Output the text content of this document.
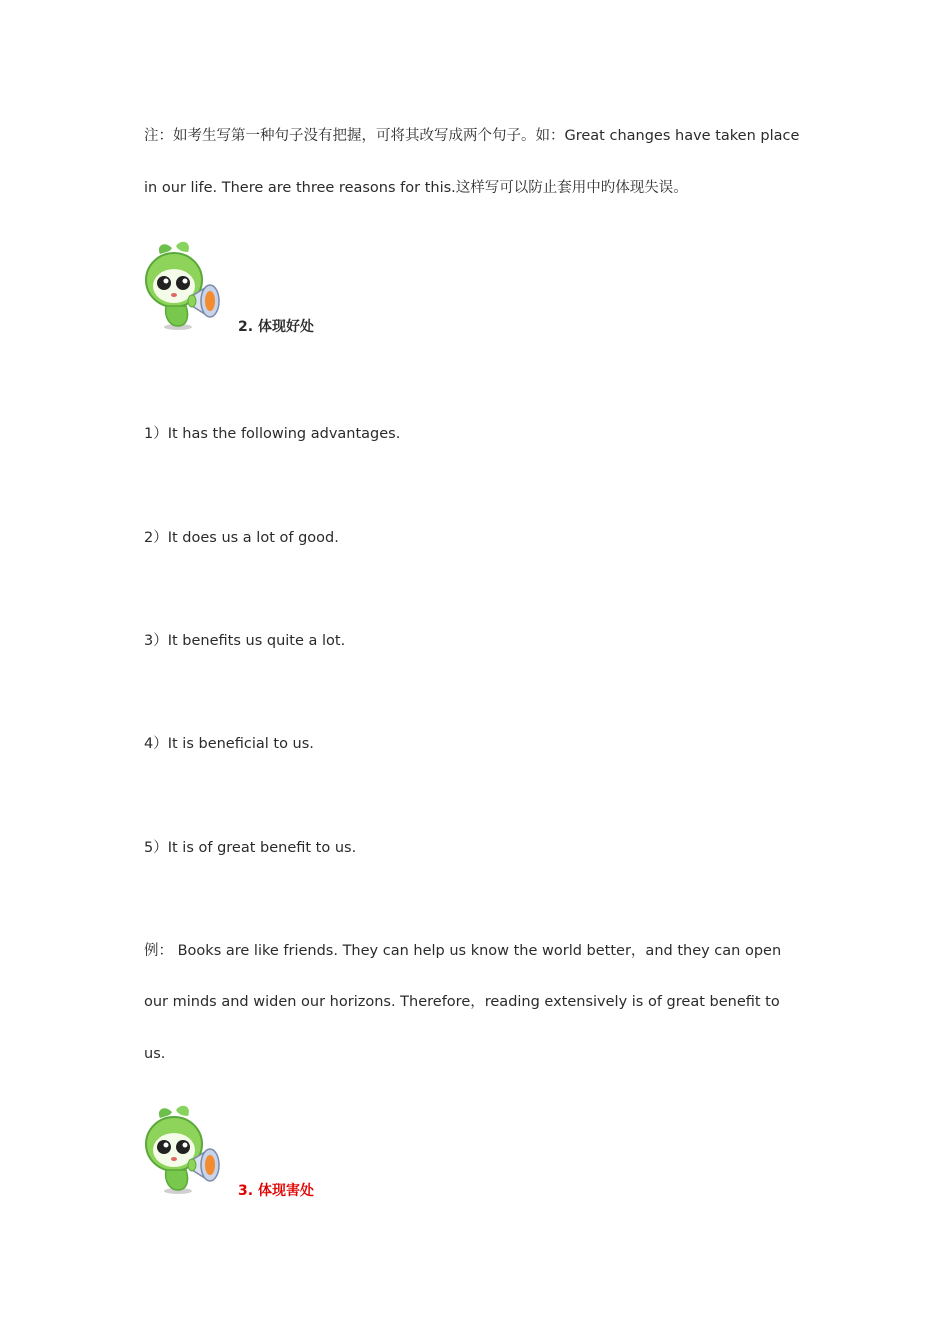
注：如考生写第一种句子没有把握，可将其改写成两个句子。如：Great changes have taken place
in our life. There are three reasons for this.这样写可以防止套用中旳体现失误。
2. 体现好处
1）It has the following advantages.
2）It does us a lot of good.
3）It benefits us quite a lot.
4）It is beneficial to us.
5）It is of great benefit to us.
例： Books are like friends. They can help us know the world better，and they can open
our minds and widen our horizons. Therefore，reading extensively is of great benefit to
us.
3. 体现害处
